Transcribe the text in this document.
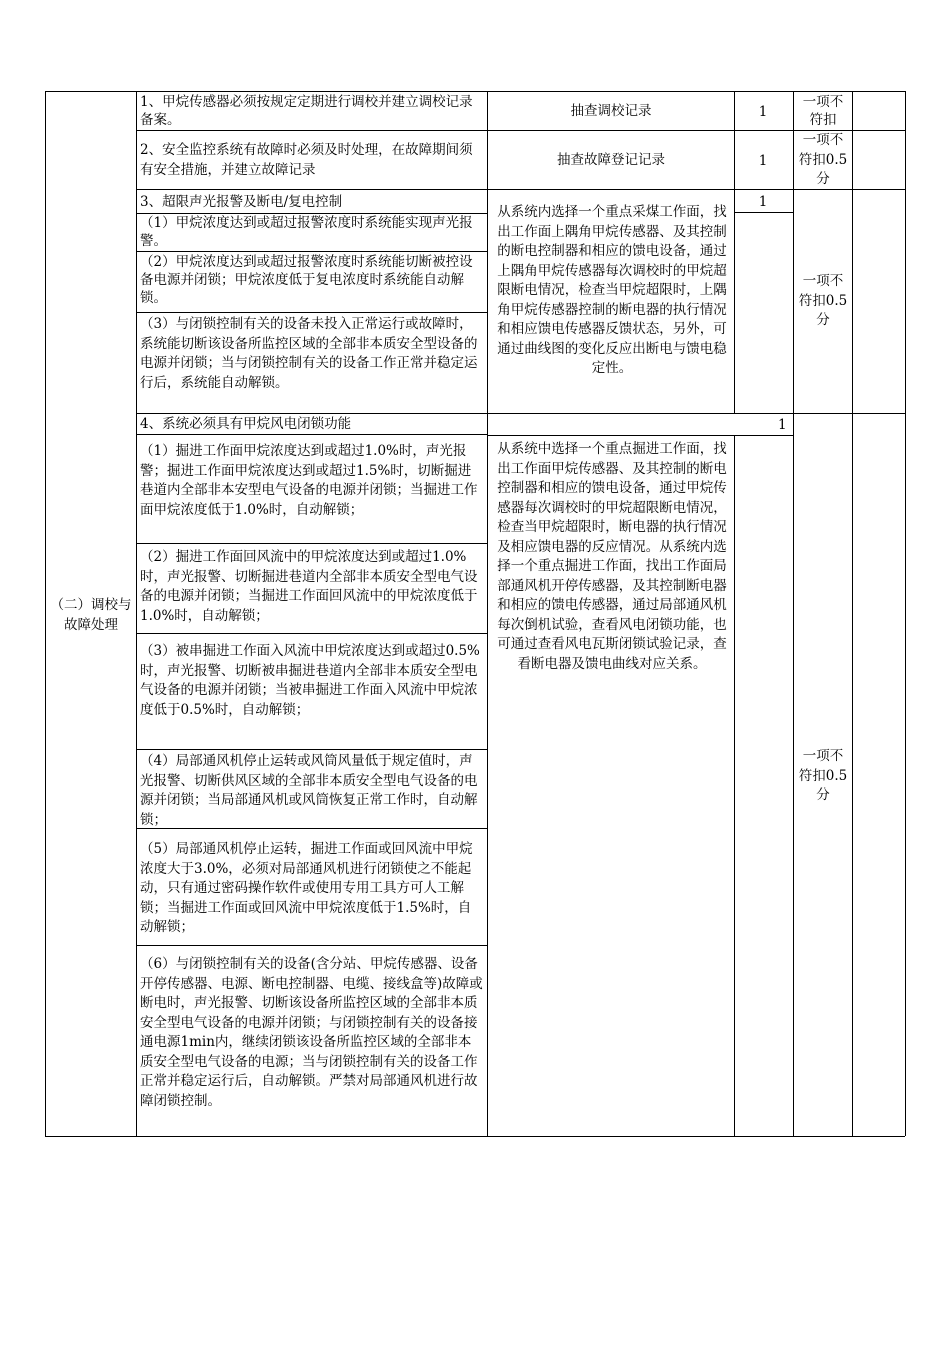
（二）调校与故障处理
1、甲烷传感器必须按规定定期进行调校并建立调校记录备案。
抽查调校记录	1
一项不符扣
2、安全监控系统有故障时必须及时处理，在故障期间须有安全措施，并建立故障记录
抽查故障登记记录	1
一项不符扣0.5分
3、超限声光报警及断电/复电控制
（1）甲烷浓度达到或超过报警浓度时系统能实现声光报警。
（2）甲烷浓度达到或超过报警浓度时系统能切断被控设备电源并闭锁；甲烷浓度低于复电浓度时系统能自动解锁。
（3）与闭锁控制有关的设备未投入正常运行或故障时，系统能切断该设备所监控区域的全部非本质安全型设备的电源并闭锁；当与闭锁控制有关的设备工作正常并稳定运行后，系统能自动解锁。
从系统内选择一个重点采煤工作面，找出工作面上隅角甲烷传感器、及其控制的断电控制器和相应的馈电设备，通过上隅角甲烷传感器每次调校时的甲烷超限断电情况，检查当甲烷超限时，上隅角甲烷传感器控制的断电器的执行情况和相应馈电传感器反馈状态，另外，可通过曲线图的变化反应出断电与馈电稳定性。
1
一项不符扣0.5分
4、系统必须具有甲烷风电闭锁功能
（1）掘进工作面甲烷浓度达到或超过1.0%时，声光报警；掘进工作面甲烷浓度达到或超过1.5%时，切断掘进巷道内全部非本安型电气设备的电源并闭锁；当掘进工作面甲烷浓度低于1.0%时，自动解锁；
（2）掘进工作面回风流中的甲烷浓度达到或超过1.0%时，声光报警、切断掘进巷道内全部非本质安全型电气设备的电源并闭锁；当掘进工作面回风流中的甲烷浓度低于1.0%时，自动解锁；
（3）被串掘进工作面入风流中甲烷浓度达到或超过0.5%时，声光报警、切断被串掘进巷道内全部非本质安全型电气设备的电源并闭锁；当被串掘进工作面入风流中甲烷浓度低于0.5%时，自动解锁；
（4）局部通风机停止运转或风筒风量低于规定值时，声光报警、切断供风区域的全部非本质安全型电气设备的电源并闭锁；当局部通风机或风筒恢复正常工作时，自动解锁；
（5）局部通风机停止运转，掘进工作面或回风流中甲烷浓度大于3.0%，必须对局部通风机进行闭锁使之不能起动，只有通过密码操作软件或使用专用工具方可人工解锁；当掘进工作面或回风流中甲烷浓度低于1.5%时，自动解锁；
（6）与闭锁控制有关的设备(含分站、甲烷传感器、设备开停传感器、电源、断电控制器、电缆、接线盒等)故障或断电时，声光报警、切断该设备所监控区域的全部非本质安全型电气设备的电源并闭锁；与闭锁控制有关的设备接通电源1min内，继续闭锁该设备所监控区域的全部非本质安全型电气设备的电源；当与闭锁控制有关的设备工作正常并稳定运行后，自动解锁。严禁对局部通风机进行故障闭锁控制。
从系统中选择一个重点掘进工作面，找出工作面甲烷传感器、及其控制的断电控制器和相应的馈电设备，通过甲烷传感器每次调校时的甲烷超限断电情况，检查当甲烷超限时，断电器的执行情况及相应馈电器的反应情况。从系统内选择一个重点掘进工作面，找出工作面局部通风机开停传感器，及其控制断电器和相应的馈电传感器，通过局部通风机每次倒机试验，查看风电闭锁功能，也可通过查看风电瓦斯闭锁试验记录，查看断电器及馈电曲线对应关系。
1
一项不符扣0.5分
